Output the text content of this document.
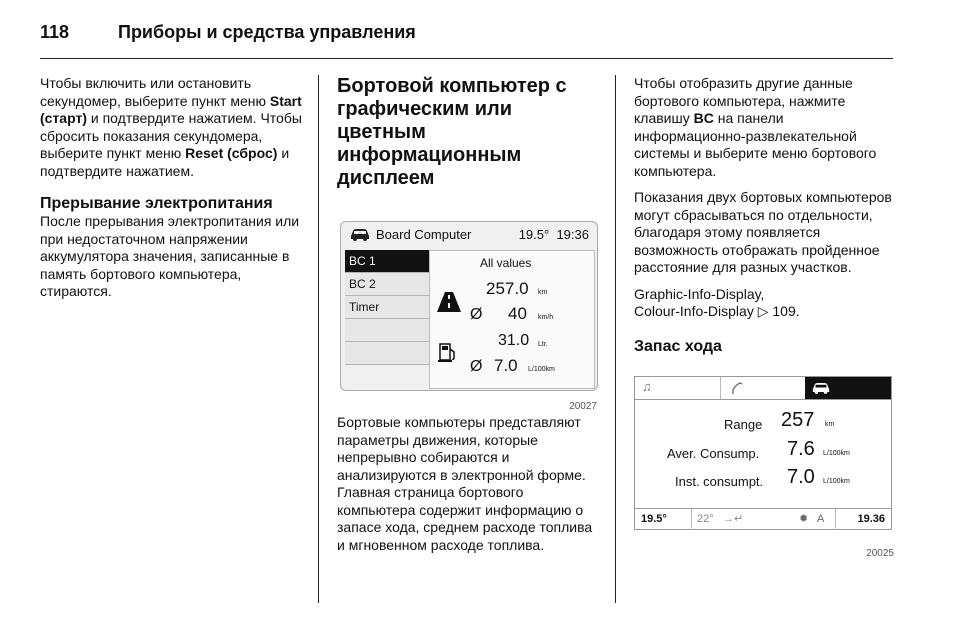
118	Приборы и средства управления

Чтобы включить или остановить секундомер, выберите пункт меню Start (старт) и подтвердите нажатием. Чтобы сбросить показания секундомера, выберите пункт меню Reset (сброс) и подтвердите нажатием.

Прерывание электропитания

После прерывания электропитания или при недостаточном напряжении аккумулятора значения, записанные в память бортового компьютера, стираются.

Бортовой компьютер с графическим или цветным информационным дисплеем
Board Computer	19.5° 19:36
BC 1
BC 2
Timer
All values
257.0 km
Ø 40 km/h
31.0 Ltr.
Ø 7.0 L/100km
20027

Бортовые компьютеры представляют параметры движения, которые непрерывно собираются и анализируются в электронной форме. Главная страница бортового компьютера содержит информацию о запасе хода, среднем расходе топлива и мгновенном расходе топлива.

Чтобы отобразить другие данные бортового компьютера, нажмите клавишу BC на панели информационно-развлекательной системы и выберите меню бортового компьютера.

Показания двух бортовых компьютеров могут сбрасываться по отдельности, благодаря этому появляется возможность отображать пройденное расстояние для разных участков.

Graphic-Info-Display,
Colour-Info-Display ▷ 109.

Запас хода
♫
Range 257 km
Aver. Consump. 7.6 L/100km
Inst. consumpt. 7.0 L/100km
19.5°	22° →↵	✹ A	19.36
20025
